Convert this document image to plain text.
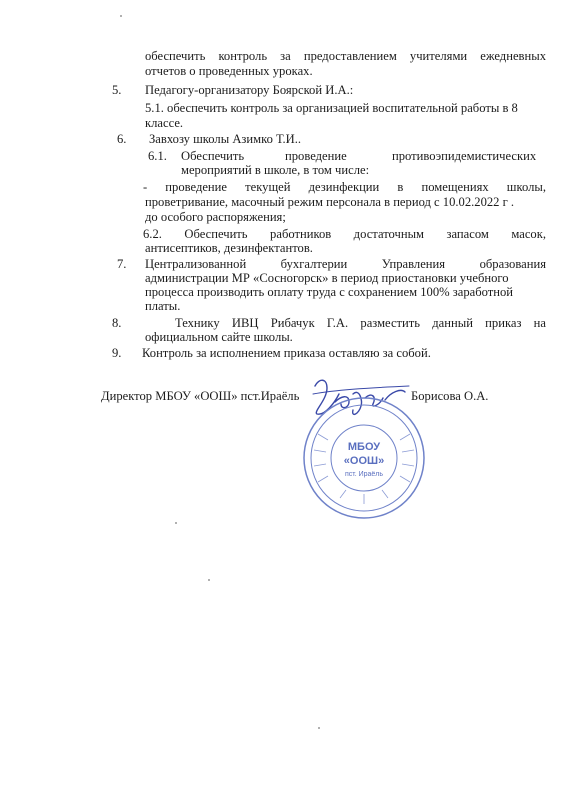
обеспечить контроль за предоставлением учителями ежедневных
отчетов о проведенных уроках.
5. Педагогу-организатору Боярской И.А.:
5.1. обеспечить контроль за организацией воспитательной работы в 8
классе.
6. Завхозу школы Азимко Т.И..
6.1. Обеспечить	проведение	противоэпидемистических
мероприятий в школе, в том числе:
- проведение текущей дезинфекции в помещениях школы,
проветривание, масочный режим персонала в период с 10.02.2022 г .
до особого распоряжения;
6.2. Обеспечить работников достаточным запасом масок,
антисептиков, дезинфектантов.
7. Централизованной бухгалтерии Управления образования
администрации МР «Сосногорск» в период приостановки учебного
процесса производить оплату труда с сохранением 100% заработной
платы.
8.	Технику ИВЦ Рибачук Г.А. разместить данный приказ на
официальном сайте школы.
9. Контроль за исполнением приказа оставляю за собой.
Директор МБОУ «ООШ» пст.Ираёль	Борисова О.А.
МБОУ
«ООШ»
пст. Ираёль
